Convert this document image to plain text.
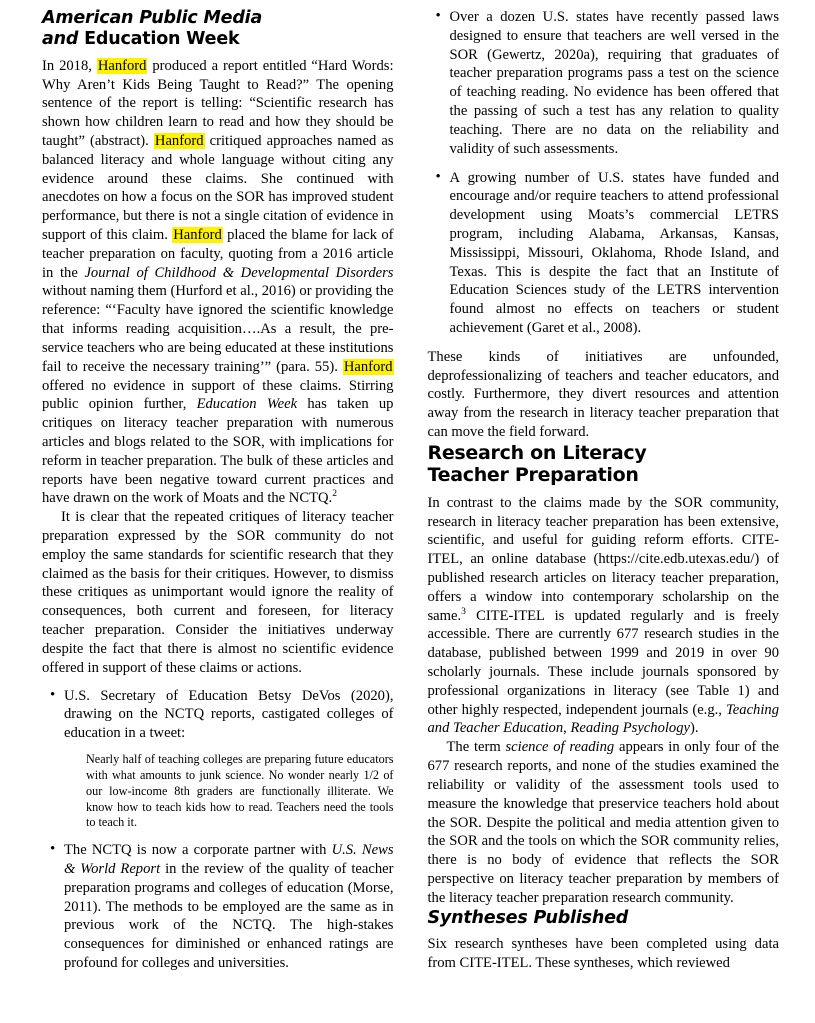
American Public Media
and Education Week

In 2018, Hanford produced a report entitled “Hard Words: Why Aren’t Kids Being Taught to Read?” The opening sentence of the report is telling: “Scientific research has shown how children learn to read and how they should be taught” (abstract). Hanford critiqued approaches named as balanced literacy and whole language without citing any evidence around these claims. She continued with anecdotes on how a focus on the SOR has improved student performance, but there is not a single citation of evidence in support of this claim. Hanford placed the blame for lack of teacher preparation on faculty, quoting from a 2016 article in the Journal of Childhood & Developmental Disorders without naming them (Hurford et al., 2016) or providing the reference: “‘Faculty have ignored the scientific knowledge that informs reading acquisition….As a result, the pre-service teachers who are being educated at these institutions fail to receive the necessary training’” (para. 55). Hanford offered no evidence in support of these claims. Stirring public opinion further, Education Week has taken up critiques on literacy teacher preparation with numerous articles and blogs related to the SOR, with implications for reform in teacher preparation. The bulk of these articles and reports have been negative toward current practices and have drawn on the work of Moats and the NCTQ.$^2$

It is clear that the repeated critiques of literacy teacher preparation expressed by the SOR community do not employ the same standards for scientific research that they claimed as the basis for their critiques. However, to dismiss these critiques as unimportant would ignore the reality of consequences, both current and foreseen, for literacy teacher preparation. Consider the initiatives underway despite the fact that there is almost no scientific evidence offered in support of these claims or actions.

• U.S. Secretary of Education Betsy DeVos (2020), drawing on the NCTQ reports, castigated colleges of education in a tweet:
Nearly half of teaching colleges are preparing future educators with what amounts to junk science. No wonder nearly 1/2 of our low-income 8th graders are functionally illiterate. We know how to teach kids how to read. Teachers need the tools to teach it.
• The NCTQ is now a corporate partner with U.S. News & World Report in the review of the quality of teacher preparation programs and colleges of education (Morse, 2011). The methods to be employed are the same as in previous work of the NCTQ. The high-stakes consequences for diminished or enhanced ratings are profound for colleges and universities.
• Over a dozen U.S. states have recently passed laws designed to ensure that teachers are well versed in the SOR (Gewertz, 2020a), requiring that graduates of teacher preparation programs pass a test on the science of teaching reading. No evidence has been offered that the passing of such a test has any relation to quality teaching. There are no data on the reliability and validity of such assessments.
• A growing number of U.S. states have funded and encourage and/or require teachers to attend professional development using Moats’s commercial LETRS program, including Alabama, Arkansas, Kansas, Mississippi, Missouri, Oklahoma, Rhode Island, and Texas. This is despite the fact that an Institute of Education Sciences study of the LETRS intervention found almost no effects on teachers or student achievement (Garet et al., 2008).

These kinds of initiatives are unfounded, deprofessionalizing of teachers and teacher educators, and costly. Furthermore, they divert resources and attention away from the research in literacy teacher preparation that can move the field forward.

Research on Literacy
Teacher Preparation

In contrast to the claims made by the SOR community, research in literacy teacher preparation has been extensive, scientific, and useful for guiding reform efforts. CITE-ITEL, an online database (https://cite.edb.utexas.edu/) of published research articles on literacy teacher preparation, offers a window into contemporary scholarship on the same.$^3$ CITE-ITEL is updated regularly and is freely accessible. There are currently 677 research studies in the database, published between 1999 and 2019 in over 90 scholarly journals. These include journals sponsored by professional organizations in literacy (see Table 1) and other highly respected, independent journals (e.g., Teaching and Teacher Education, Reading Psychology).

The term science of reading appears in only four of the 677 research reports, and none of the studies examined the reliability or validity of the assessment tools used to measure the knowledge that preservice teachers hold about the SOR. Despite the political and media attention given to the SOR and the tools on which the SOR community relies, there is no body of evidence that reflects the SOR perspective on literacy teacher preparation by members of the literacy teacher preparation research community.

Syntheses Published

Six research syntheses have been completed using data from CITE-ITEL. These syntheses, which reviewed
